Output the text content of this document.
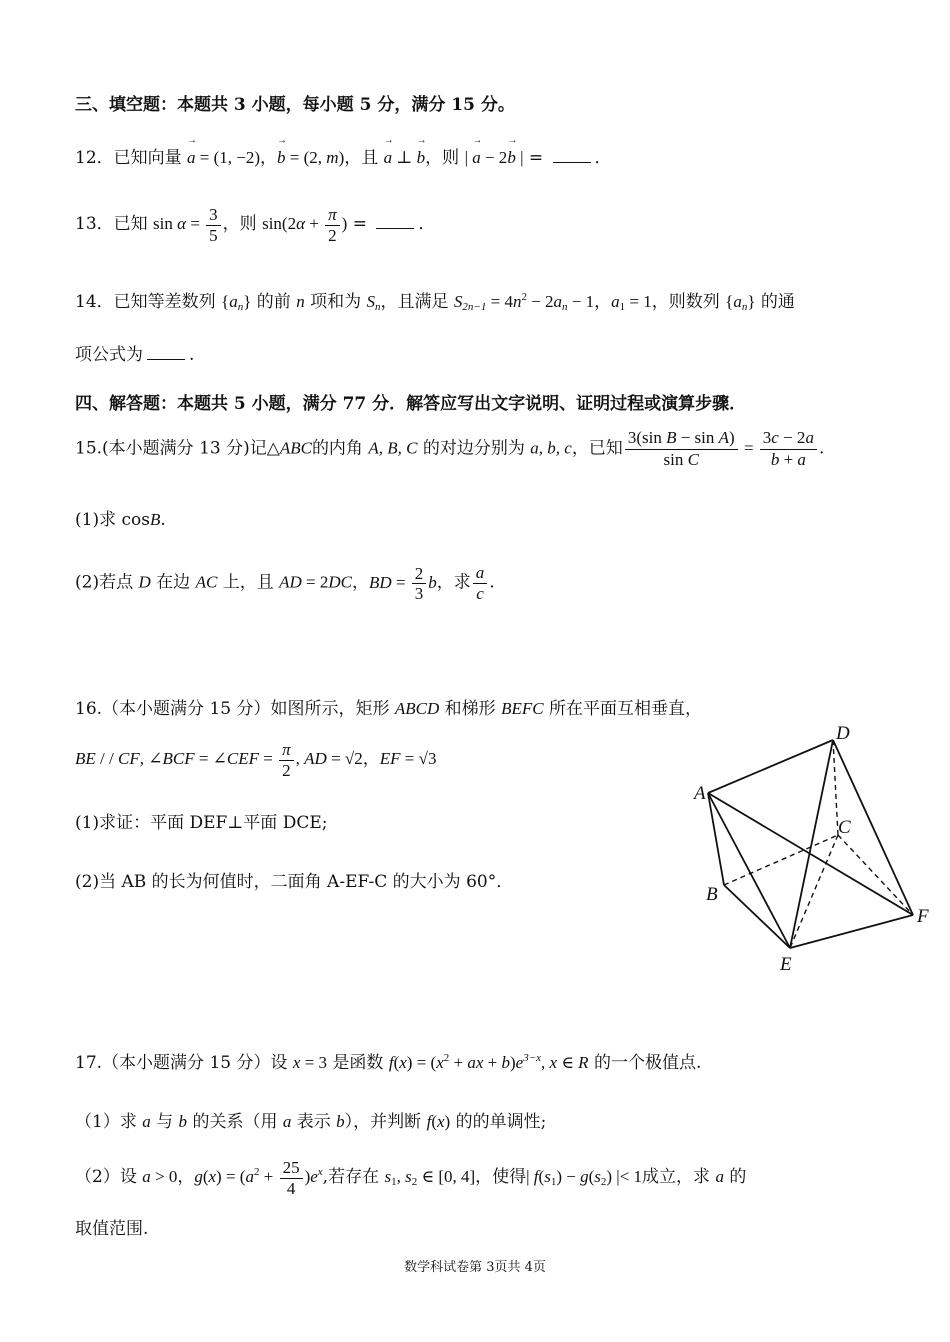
三、填空题：本题共 3 小题，每小题 5 分，满分 15 分。
12．已知向量 → a = (1, −2)，→ b = (2, m)，且 → a ⊥ → b，则 | → a − 2→ b | =	．
13．已知 $\sin \alpha = \frac{3}{5}$ ，则 $\sin(2\alpha + \frac{\pi}{2}$ ) =	．
14．已知等差数列 $\{a_n\}$ 的前 n 项和为 $S_n$，且满足 $S_{2n-1} = 4n^2 - 2a_n - 1$，$a_1 = 1$，则数列 $\{a_n\}$ 的通
项公式为	.
四、解答题：本题共 5 小题，满分 77 分．解答应写出文字说明、证明过程或演算步骤．
15.(本小题满分 13 分)记△ABC的内角 A, B, C 的对边分别为 a, b, c，已知 $\frac{\text{3(sin B − sin A)}}{\text{sin C}} = \frac{3c - 2a}{b + a}$ .
(1)求 cosB.
(2)若点 D 在边 AC 上，且 AD = 2DC，BD = $\frac{2}{3}$ b，求 $\frac{a}{c}$ .
16.（本小题满分 15 分）如图所示，矩形 ABCD 和梯形 BEFC 所在平面互相垂直，
BE / / CF, ∠BCF = ∠CEF = $\frac{\pi}{2}$ , AD = √2，EF = √3
(1)求证：平面 DEF⊥平面 DCE;
(2)当 AB 的长为何值时，二面角 A-EF-C 的大小为 60°．
A
D
C
B
E
F
17.（本小题满分 15 分）设 x = 3 是函数 $f(x) = (x^2$ + ax + $b)e^{3-x}$, x ∈ R 的一个极值点.
（1）求 a 与 b 的关系（用 a 表示 b），并判断 f(x) 的的单调性;
（2）设 a > 0，$g(x) = (a^2 + \frac{25}{4} )e^x$,若存在 $s_1$, $s_2$ ∈ [0, 4]，使得| $f(s_1) - g(s_2)$ |< 1成立，求 a 的
取值范围.
数学科试卷第 3页共 4页
